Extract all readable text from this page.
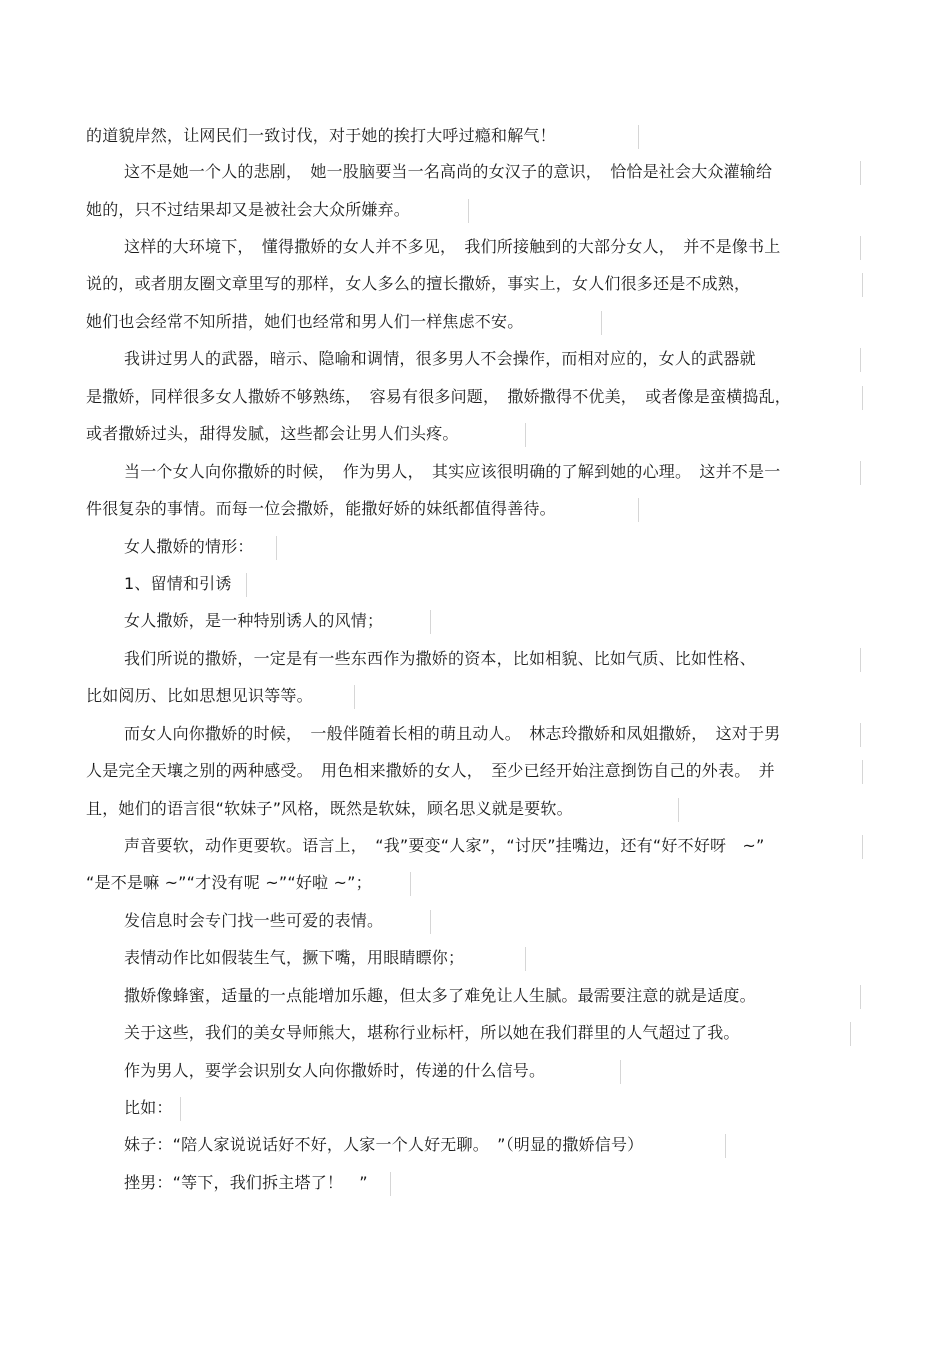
的道貌岸然，让网民们一致讨伐，对于她的挨打大呼过瘾和解气！
这不是她一个人的悲剧，　她一股脑要当一名高尚的女汉子的意识，　恰恰是社会大众灌输给
她的，只不过结果却又是被社会大众所嫌弃。
这样的大环境下，　懂得撒娇的女人并不多见，　我们所接触到的大部分女人，　并不是像书上
说的，或者朋友圈文章里写的那样，女人多么的擅长撒娇，事实上，女人们很多还是不成熟，
她们也会经常不知所措，她们也经常和男人们一样焦虑不安。
我讲过男人的武器，暗示、隐喻和调情，很多男人不会操作，而相对应的，女人的武器就
是撒娇，同样很多女人撒娇不够熟练，　容易有很多问题，　撒娇撒得不优美，　或者像是蛮横捣乱，
或者撒娇过头，甜得发腻，这些都会让男人们头疼。
当一个女人向你撒娇的时候，　作为男人，　其实应该很明确的了解到她的心理。　这并不是一
件很复杂的事情。而每一位会撒娇，能撒好娇的妹纸都值得善待。
女人撒娇的情形：
1、留情和引诱
女人撒娇，是一种特别诱人的风情；
我们所说的撒娇，一定是有一些东西作为撒娇的资本，比如相貌、比如气质、比如性格、
比如阅历、比如思想见识等等。
而女人向你撒娇的时候，　一般伴随着长相的萌且动人。　林志玲撒娇和凤姐撒娇，　这对于男
人是完全天壤之别的两种感受。　用色相来撒娇的女人，　至少已经开始注意捯饬自己的外表。　并
且，她们的语言很“软妹子”风格，既然是软妹，顾名思义就是要软。
声音要软，动作更要软。语言上，　“我”要变“人家”，“讨厌”挂嘴边，还有“好不好呀　~”
“是不是嘛 ~”“才没有呢 ~”“好啦 ~”；
发信息时会专门找一些可爱的表情。
表情动作比如假装生气，撅下嘴，用眼睛瞟你；
撒娇像蜂蜜，适量的一点能增加乐趣，但太多了难免让人生腻。最需要注意的就是适度。
关于这些，我们的美女导师熊大，堪称行业标杆，所以她在我们群里的人气超过了我。
作为男人，要学会识别女人向你撒娇时，传递的什么信号。
比如：
妹子：“陪人家说说话好不好，人家一个人好无聊。　”（明显的撒娇信号）
挫男：“等下，我们拆主塔了！　”
